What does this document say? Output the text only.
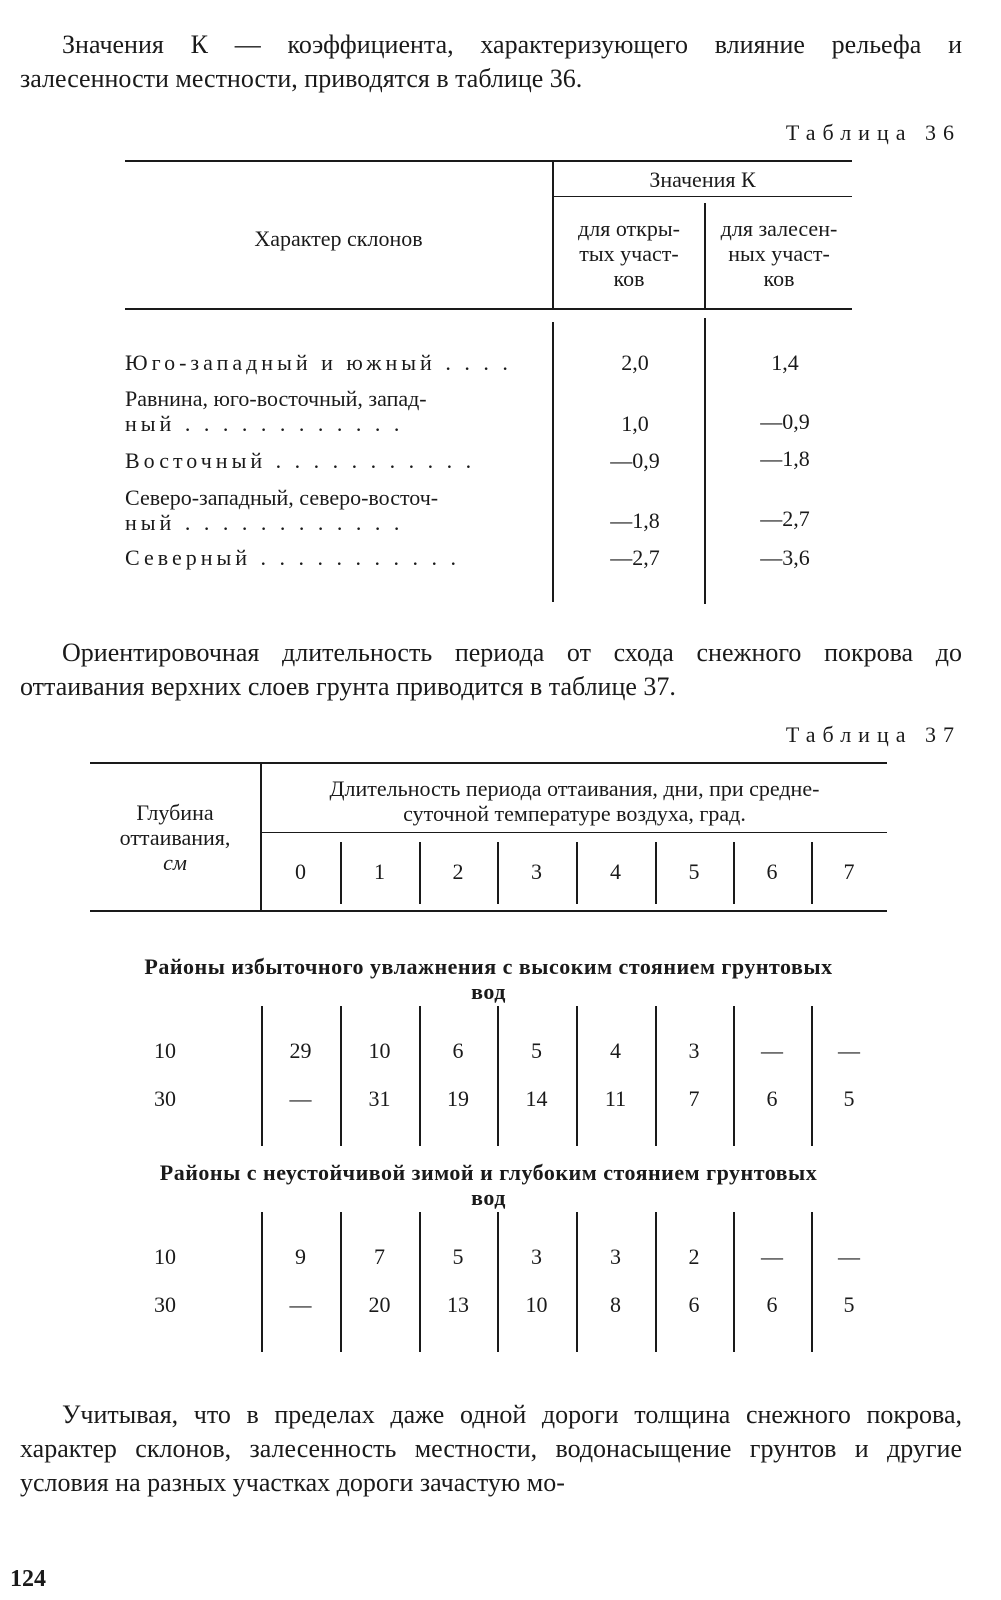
Значения К — коэффициента, характеризующего влияние рельефа и залесенности местности, приводятся в таблице 36.

Таблица 36
Характер склонов
Значения К
для откры-
тых участ-
ков
для залесен-
ных участ-
ков
Юго-западный и южный . . . .	2,0	1,4
Равнина, юго-восточный, запад-
ный . . . . . . . . . . . .	1,0	—0,9
Восточный . . . . . . . . . . .	—0,9	—1,8
Северо-западный, северо-восточ-
ный . . . . . . . . . . . .	—1,8	—2,7
Северный . . . . . . . . . . .	—2,7	—3,6

Ориентировочная длительность периода от схода снежного покрова до оттаивания верхних слоев грунта приводится в таблице 37.

Таблица 37
Глубина
оттаивания,
см
Длительность периода оттаивания, дни, при средне-
суточной температуре воздуха, град.
0	1	2	3	4	5	6	7
Районы избыточного увлажнения с высоким стоянием грунтовых
вод
10	29	10	6	5	4	3	—	—
30	—	31	19	14	11	7	6	5
Районы с неустойчивой зимой и глубоким стоянием грунтовых
вод
10	9	7	5	3	3	2	—	—
30	—	20	13	10	8	6	6	5

Учитывая, что в пределах даже одной дороги толщина снежного покрова, характер склонов, залесенность местности, водонасыщение грунтов и другие условия на разных участках дороги зачастую мо-

124
